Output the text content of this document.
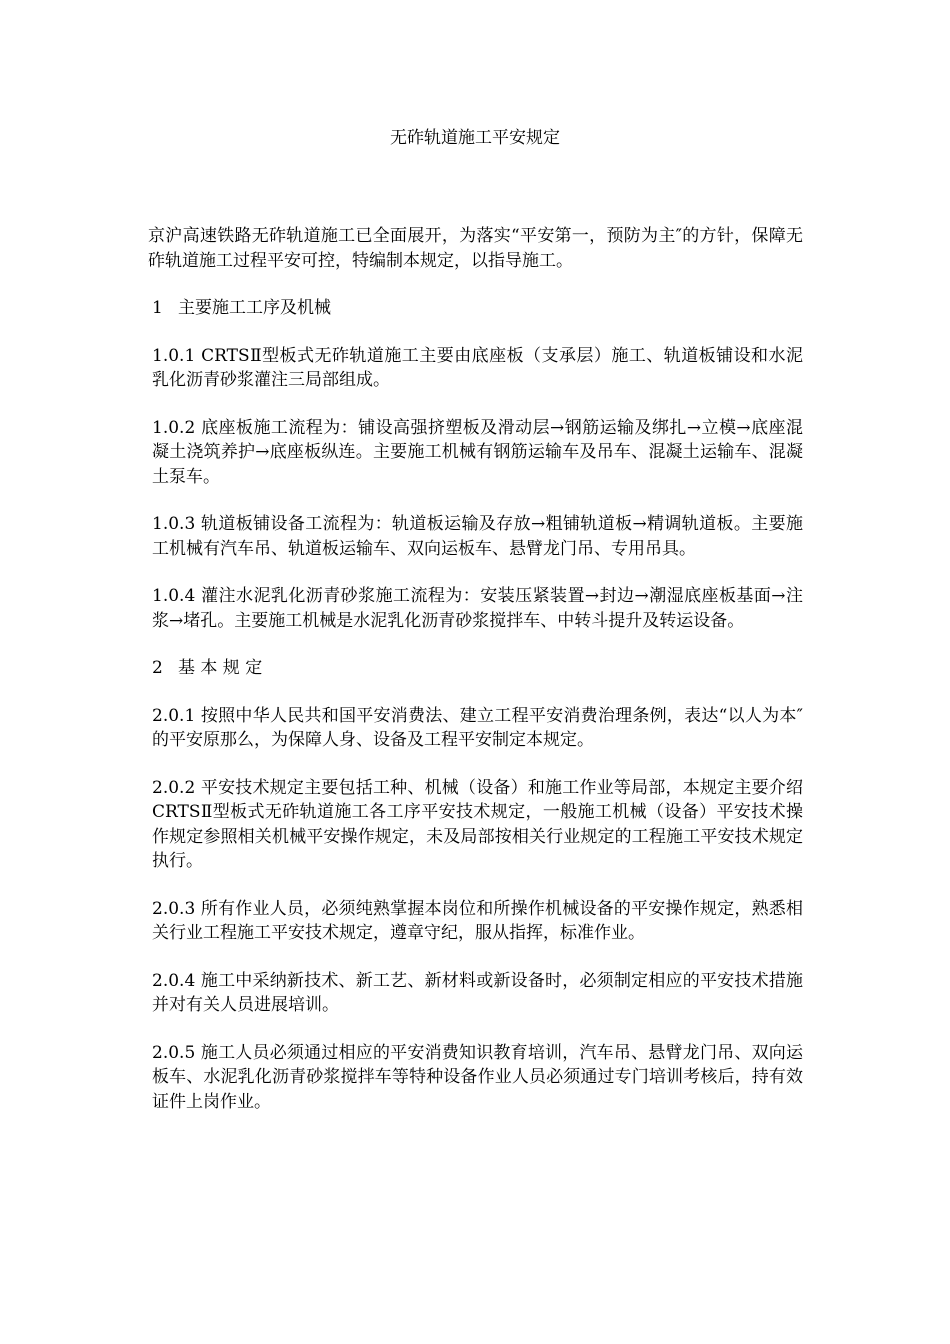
无砟轨道施工平安规定

京沪高速铁路无砟轨道施工已全面展开，为落实“平安第一，预防为主″的方针，保障无砟轨道施工过程平安可控，特编制本规定，以指导施工。

1 主要施工工序及机械

1.0.1 CRTSⅡ型板式无砟轨道施工主要由底座板（支承层）施工、轨道板铺设和水泥乳化沥青砂浆灌注三局部组成。

1.0.2 底座板施工流程为：铺设高强挤塑板及滑动层→钢筋运输及绑扎→立模→底座混凝土浇筑养护→底座板纵连。主要施工机械有钢筋运输车及吊车、混凝土运输车、混凝土泵车。

1.0.3 轨道板铺设备工流程为：轨道板运输及存放→粗铺轨道板→精调轨道板。主要施工机械有汽车吊、轨道板运输车、双向运板车、悬臂龙门吊、专用吊具。

1.0.4 灌注水泥乳化沥青砂浆施工流程为：安装压紧装置→封边→潮湿底座板基面→注浆→堵孔。主要施工机械是水泥乳化沥青砂浆搅拌车、中转斗提升及转运设备。

2 基 本 规 定

2.0.1 按照中华人民共和国平安消费法、建立工程平安消费治理条例，表达“以人为本″的平安原那么，为保障人身、设备及工程平安制定本规定。

2.0.2 平安技术规定主要包括工种、机械（设备）和施工作业等局部，本规定主要介绍CRTSⅡ型板式无砟轨道施工各工序平安技术规定，一般施工机械（设备）平安技术操作规定参照相关机械平安操作规定，未及局部按相关行业规定的工程施工平安技术规定执行。

2.0.3 所有作业人员，必须纯熟掌握本岗位和所操作机械设备的平安操作规定，熟悉相关行业工程施工平安技术规定，遵章守纪，服从指挥，标准作业。

2.0.4 施工中采纳新技术、新工艺、新材料或新设备时，必须制定相应的平安技术措施并对有关人员进展培训。

2.0.5 施工人员必须通过相应的平安消费知识教育培训，汽车吊、悬臂龙门吊、双向运板车、水泥乳化沥青砂浆搅拌车等特种设备作业人员必须通过专门培训考核后，持有效证件上岗作业。
